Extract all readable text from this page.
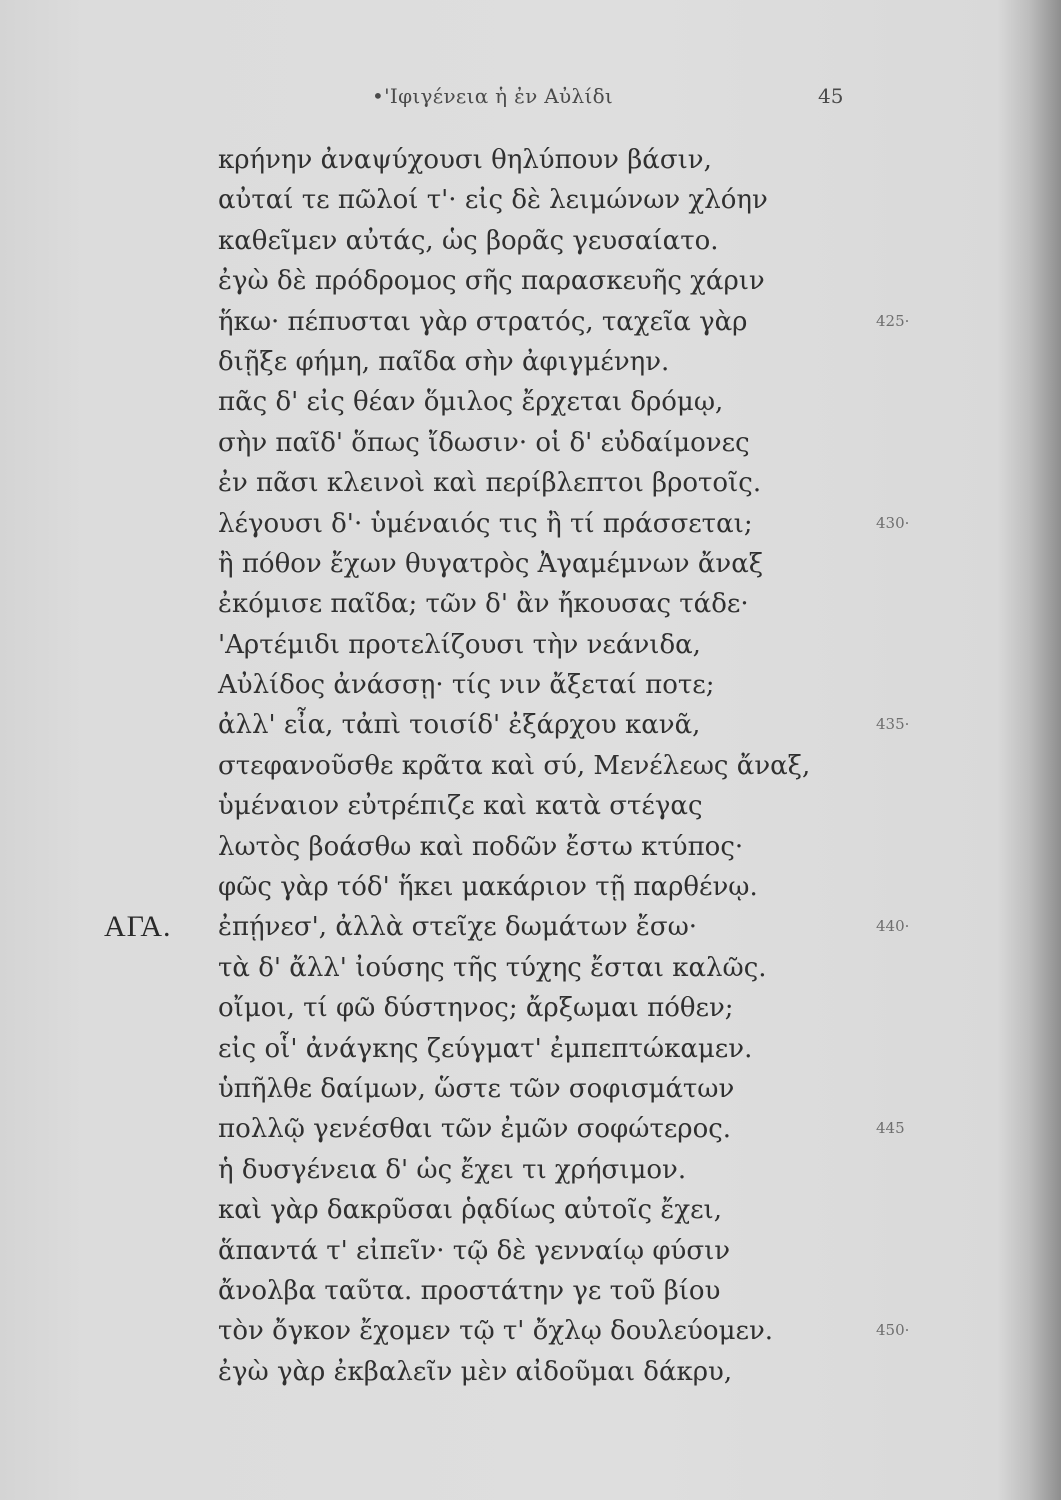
•'Ιφιγένεια ἡ ἐν Αὐλίδι	45
κρήνην ἀναψύχουσι θηλύπουν βάσιν,
αὐταί τε πῶλοί τ'· εἰς δὲ λειμώνων χλόην
καθεῖμεν αὐτάς, ὡς βορᾶς γευσαίατο.
ἐγὼ δὲ πρόδρομος σῆς παρασκευῆς χάριν
ἥκω· πέπυσται γὰρ στρατός, ταχεῖα γὰρ	425·
διῇξε φήμη, παῖδα σὴν ἀφιγμένην.
πᾶς δ' εἰς θέαν ὅμιλος ἔρχεται δρόμῳ,
σὴν παῖδ' ὅπως ἴδωσιν· οἱ δ' εὐδαίμονες
ἐν πᾶσι κλεινοὶ καὶ περίβλεπτοι βροτοῖς.
λέγουσι δ'· ὑμέναιός τις ἢ τί πράσσεται;	430·
ἢ πόθον ἔχων θυγατρὸς Ἀγαμέμνων ἄναξ
ἐκόμισε παῖδα; τῶν δ' ἂν ἤκουσας τάδε·
'Αρτέμιδι προτελίζουσι τὴν νεάνιδα,
Αὐλίδος ἀνάσσῃ· τίς νιν ἄξεταί ποτε;
ἀλλ' εἶα, τἀπὶ τοισίδ' ἐξάρχου κανᾶ,	435·
στεφανοῦσθε κρᾶτα καὶ σύ, Μενέλεως ἄναξ,
ὑμέναιον εὐτρέπιζε καὶ κατὰ στέγας
λωτὸς βοάσθω καὶ ποδῶν ἔστω κτύπος·
φῶς γὰρ τόδ' ἥκει μακάριον τῇ παρθένῳ.
ΑΓΑ. ἐπῄνεσ', ἀλλὰ στεῖχε δωμάτων ἔσω·	440·
τὰ δ' ἄλλ' ἰούσης τῆς τύχης ἔσται καλῶς.
οἴμοι, τί φῶ δύστηνος; ἄρξωμαι πόθεν;
εἰς οἷ' ἀνάγκης ζεύγματ' ἐμπεπτώκαμεν.
ὑπῆλθε δαίμων, ὥστε τῶν σοφισμάτων
πολλῷ γενέσθαι τῶν ἐμῶν σοφώτερος.	445
ἡ δυσγένεια δ' ὡς ἔχει τι χρήσιμον.
καὶ γὰρ δακρῦσαι ῥᾳδίως αὐτοῖς ἔχει,
ἅπαντά τ' εἰπεῖν· τῷ δὲ γενναίῳ φύσιν
ἄνολβα ταῦτα. προστάτην γε τοῦ βίου
τὸν ὄγκον ἔχομεν τῷ τ' ὄχλῳ δουλεύομεν.	450·
ἐγὼ γὰρ ἐκβαλεῖν μὲν αἰδοῦμαι δάκρυ,
